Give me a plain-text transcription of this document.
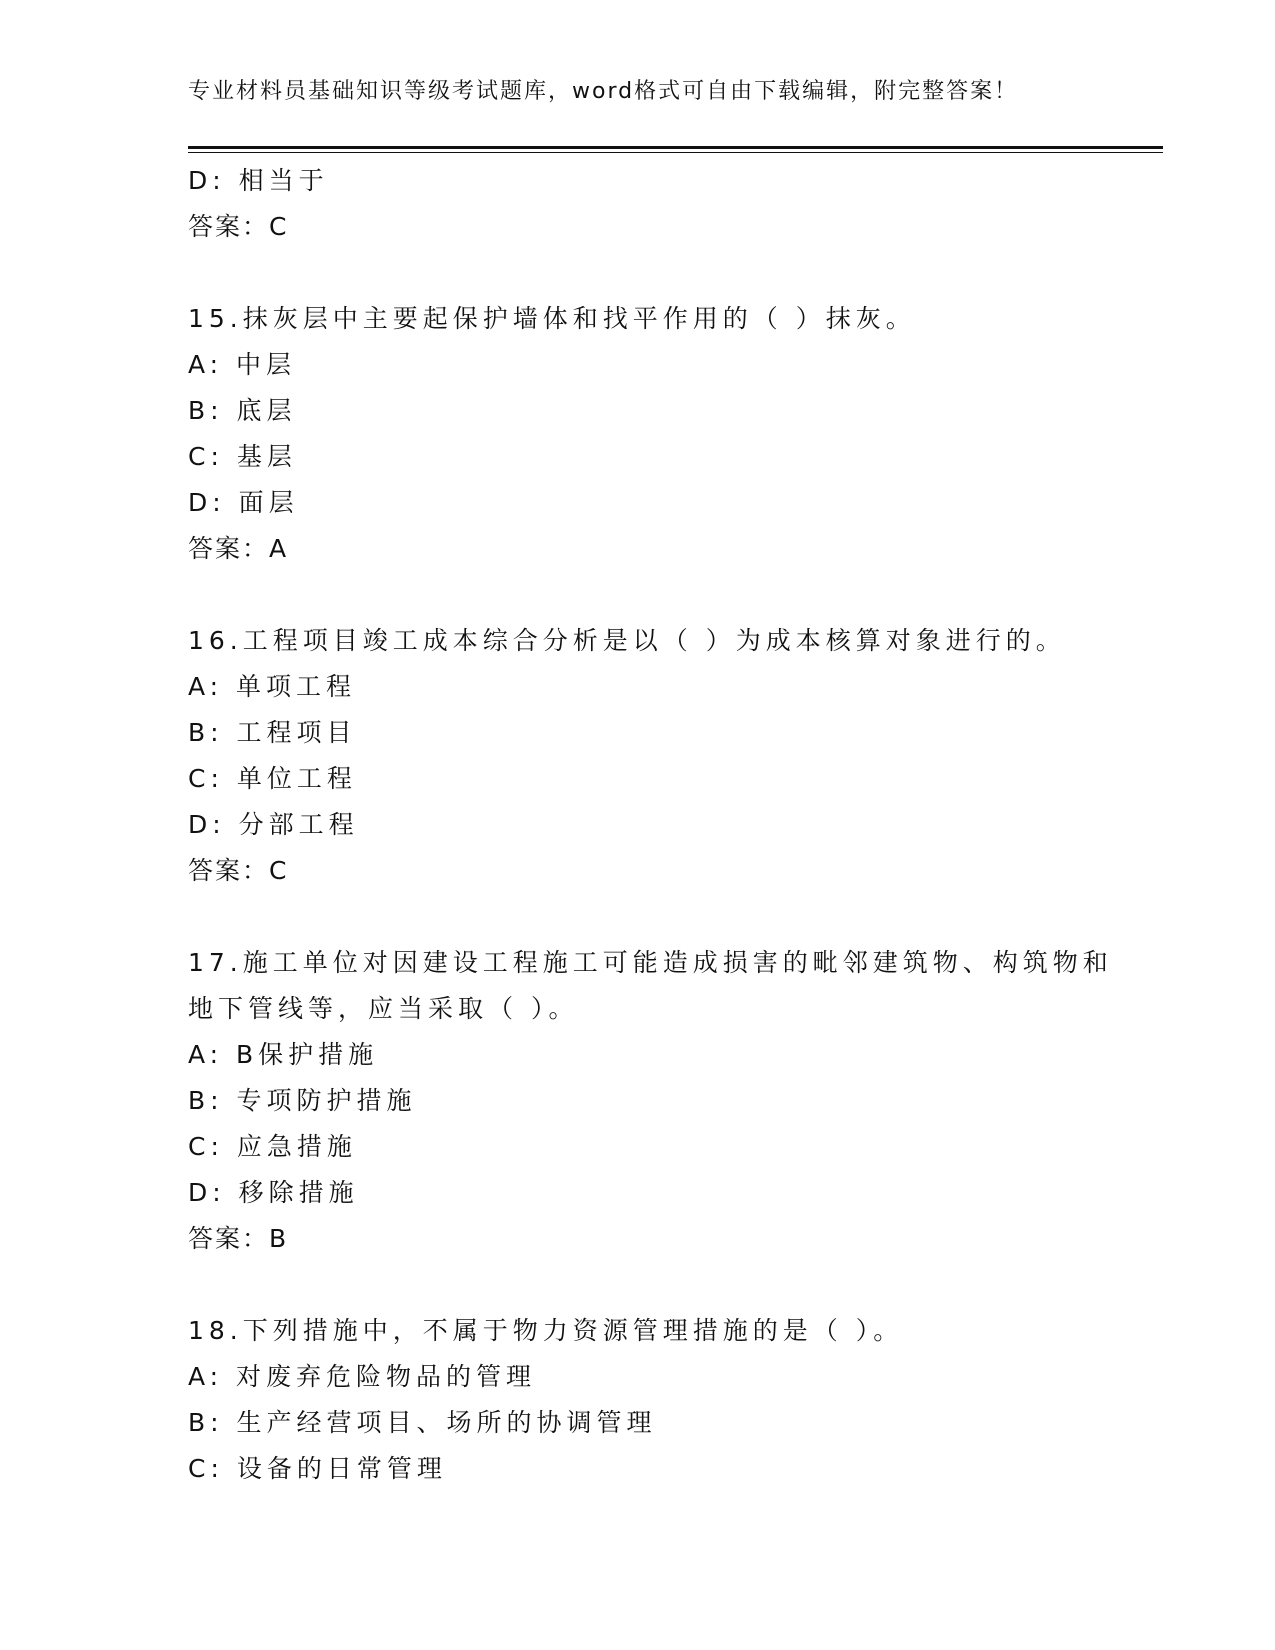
专业材料员基础知识等级考试题库，word格式可自由下载编辑，附完整答案！
D: 相当于
答案：C
15.抹灰层中主要起保护墙体和找平作用的（ ）抹灰。
A: 中层
B: 底层
C: 基层
D: 面层
答案：A
16.工程项目竣工成本综合分析是以（ ）为成本核算对象进行的。
A: 单项工程
B: 工程项目
C: 单位工程
D: 分部工程
答案：C
17.施工单位对因建设工程施工可能造成损害的毗邻建筑物、构筑物和
地下管线等，应当采取（ ）。
A: B保护措施
B: 专项防护措施
C: 应急措施
D: 移除措施
答案：B
18.下列措施中，不属于物力资源管理措施的是（ ）。
A: 对废弃危险物品的管理
B: 生产经营项目、场所的协调管理
C: 设备的日常管理
